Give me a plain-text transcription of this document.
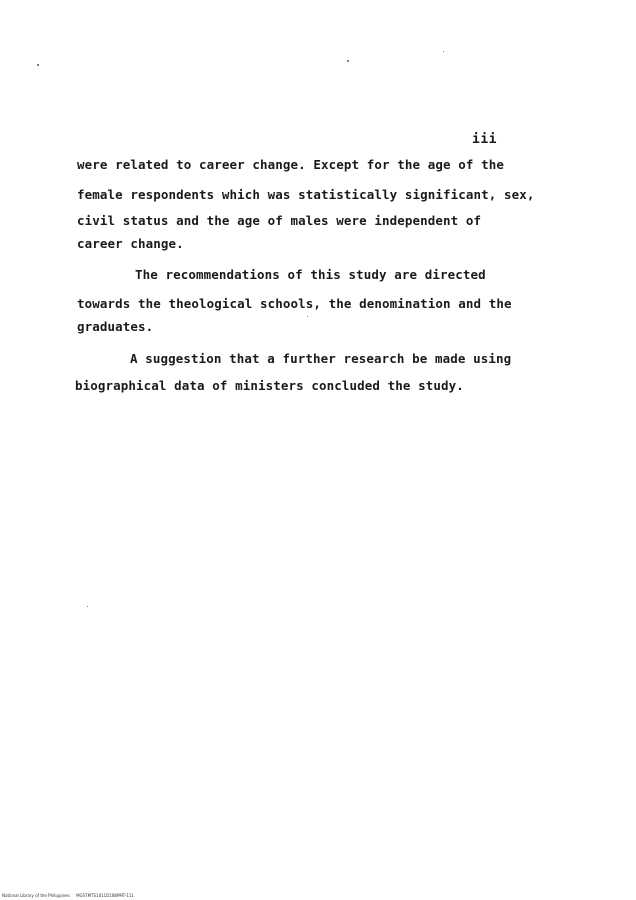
iii
were related to career change. Except for the age of the
female respondents which was statistically significant, sex,
civil status and the age of males were independent of
career change.
The recommendations of this study are directed
towards the theological schools, the denomination and the
graduates.
A suggestion that a further research be made using
biographical data of ministers concluded the study.
National Library of the Philippines MGSTMTS1011D188PMT-111
